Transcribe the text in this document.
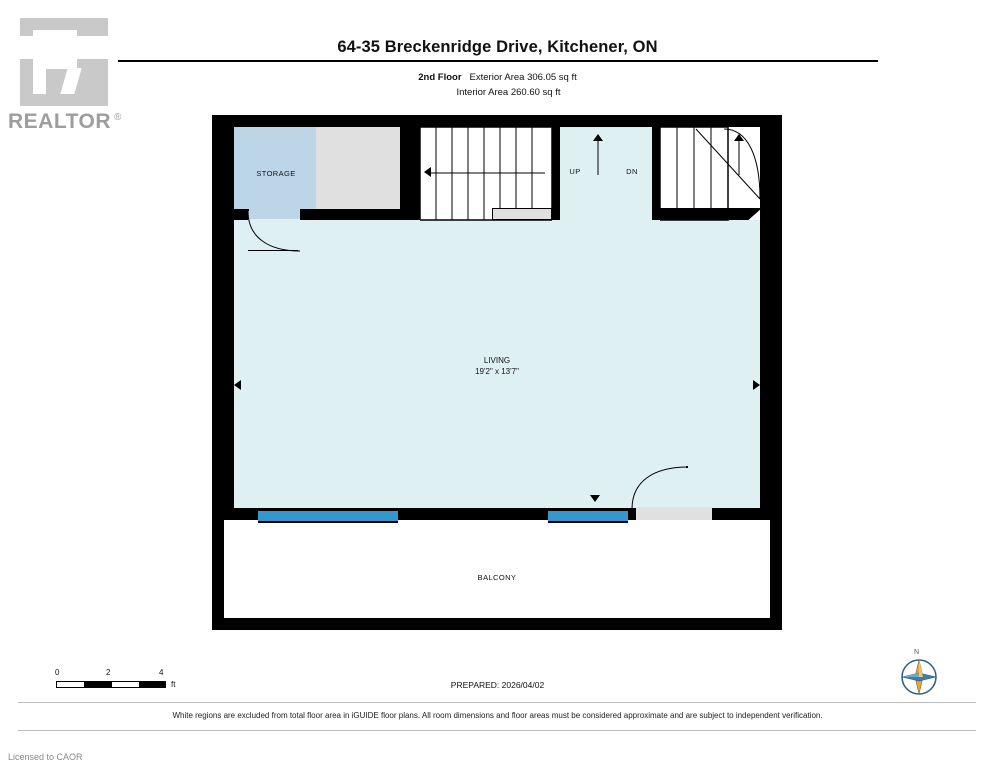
REALTOR ®
64-35 Breckenridge Drive, Kitchener, ON
2nd Floor Exterior Area 306.05 sq ft
Interior Area 260.60 sq ft
STORAGE
BALCONY
UP	DN
LIVING
19'2" x 13'7"
0	2	4
ft	PREPARED: 2026/04/02
N
White regions are excluded from total floor area in iGUIDE floor plans. All room dimensions and floor areas must be considered approximate and are subject to independent verification.
Licensed to CAOR
